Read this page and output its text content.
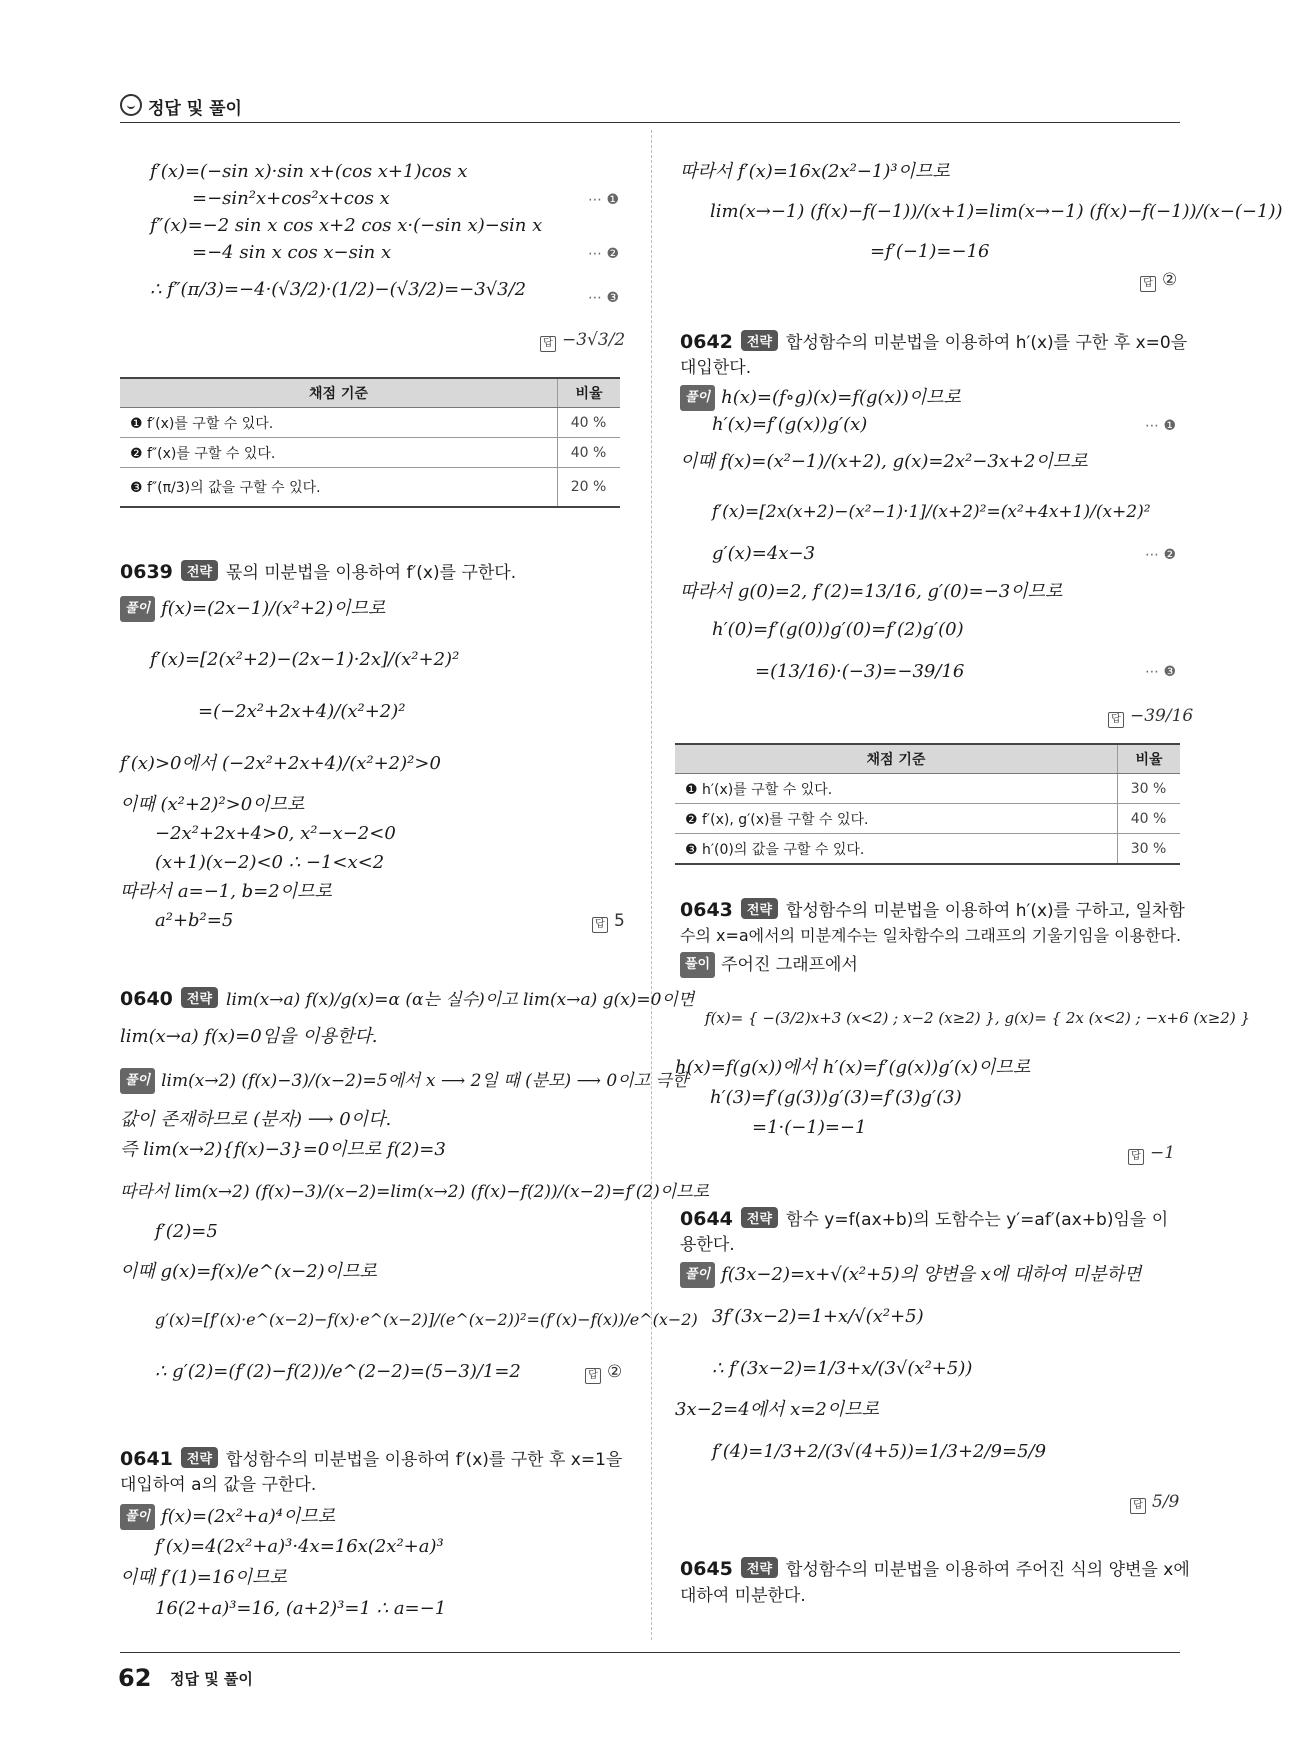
정답 및 풀이
f′(x)=(−sin x)·sin x+(cos x+1)cos x
=−sin²x+cos²x+cos x	⋯ ❶
f″(x)=−2 sin x cos x+2 cos x·(−sin x)−sin x
=−4 sin x cos x−sin x	⋯ ❷
∴ f″(π/3)=−4·(√3/2)·(1/2)−(√3/2)=−3√3/2	⋯ ❸
답 −3√3/2
채점 기준	비율
❶ f′(x)를 구할 수 있다.	40 %
❷ f″(x)를 구할 수 있다.	40 %
❸ f″(π/3)의 값을 구할 수 있다.	20 %
0639 전략 몫의 미분법을 이용하여 f′(x)를 구한다.
풀이 f(x)=(2x−1)/(x²+2)이므로
f′(x)=[2(x²+2)−(2x−1)·2x]/(x²+2)²
=(−2x²+2x+4)/(x²+2)²
f′(x)>0에서 (−2x²+2x+4)/(x²+2)²>0
이때 (x²+2)²>0이므로
−2x²+2x+4>0, x²−x−2<0
(x+1)(x−2)<0 ∴ −1<x<2
따라서 a=−1, b=2이므로
a²+b²=5	답 5
0640 전략 lim(x→a) f(x)/g(x)=α (α는 실수)이고 lim(x→a) g(x)=0이면
lim(x→a) f(x)=0임을 이용한다.
풀이 lim(x→2) (f(x)−3)/(x−2)=5에서 x ⟶ 2일 때 (분모) ⟶ 0이고 극한
값이 존재하므로 (분자) ⟶ 0이다.
즉 lim(x→2){f(x)−3}=0이므로 f(2)=3
따라서 lim(x→2) (f(x)−3)/(x−2)=lim(x→2) (f(x)−f(2))/(x−2)=f′(2)이므로
f′(2)=5
이때 g(x)=f(x)/e^(x−2)이므로
g′(x)=[f′(x)·e^(x−2)−f(x)·e^(x−2)]/(e^(x−2))²=(f′(x)−f(x))/e^(x−2)
∴ g′(2)=(f′(2)−f(2))/e^(2−2)=(5−3)/1=2	답 ②
0641 전략 합성함수의 미분법을 이용하여 f′(x)를 구한 후 x=1을
대입하여 a의 값을 구한다.
풀이 f(x)=(2x²+a)⁴이므로
f′(x)=4(2x²+a)³·4x=16x(2x²+a)³
이때 f′(1)=16이므로
16(2+a)³=16, (a+2)³=1 ∴ a=−1
따라서 f′(x)=16x(2x²−1)³이므로
lim(x→−1) (f(x)−f(−1))/(x+1)=lim(x→−1) (f(x)−f(−1))/(x−(−1))
=f′(−1)=−16
답 ②
0642 전략 합성함수의 미분법을 이용하여 h′(x)를 구한 후 x=0을
대입한다.
풀이 h(x)=(f∘g)(x)=f(g(x))이므로
h′(x)=f′(g(x))g′(x)	⋯ ❶
이때 f(x)=(x²−1)/(x+2), g(x)=2x²−3x+2이므로
f′(x)=[2x(x+2)−(x²−1)·1]/(x+2)²=(x²+4x+1)/(x+2)²
g′(x)=4x−3	⋯ ❷
따라서 g(0)=2, f′(2)=13/16, g′(0)=−3이므로
h′(0)=f′(g(0))g′(0)=f′(2)g′(0)
=(13/16)·(−3)=−39/16	⋯ ❸
답 −39/16
채점 기준	비율
❶ h′(x)를 구할 수 있다.	30 %
❷ f′(x), g′(x)를 구할 수 있다.	40 %
❸ h′(0)의 값을 구할 수 있다.	30 %
0643 전략 합성함수의 미분법을 이용하여 h′(x)를 구하고, 일차함
수의 x=a에서의 미분계수는 일차함수의 그래프의 기울기임을 이용한다.
풀이 주어진 그래프에서
f(x)= { −(3/2)x+3 (x<2) ; x−2 (x≥2) }, g(x)= { 2x (x<2) ; −x+6 (x≥2) }
h(x)=f(g(x))에서 h′(x)=f′(g(x))g′(x)이므로
h′(3)=f′(g(3))g′(3)=f′(3)g′(3)
=1·(−1)=−1
답 −1
0644 전략 함수 y=f(ax+b)의 도함수는 y′=af′(ax+b)임을 이
용한다.
풀이 f(3x−2)=x+√(x²+5)의 양변을 x에 대하여 미분하면
3f′(3x−2)=1+x/√(x²+5)
∴ f′(3x−2)=1/3+x/(3√(x²+5))
3x−2=4에서 x=2이므로
f′(4)=1/3+2/(3√(4+5))=1/3+2/9=5/9
답 5/9
0645 전략 합성함수의 미분법을 이용하여 주어진 식의 양변을 x에
대하여 미분한다.
62 정답 및 풀이
